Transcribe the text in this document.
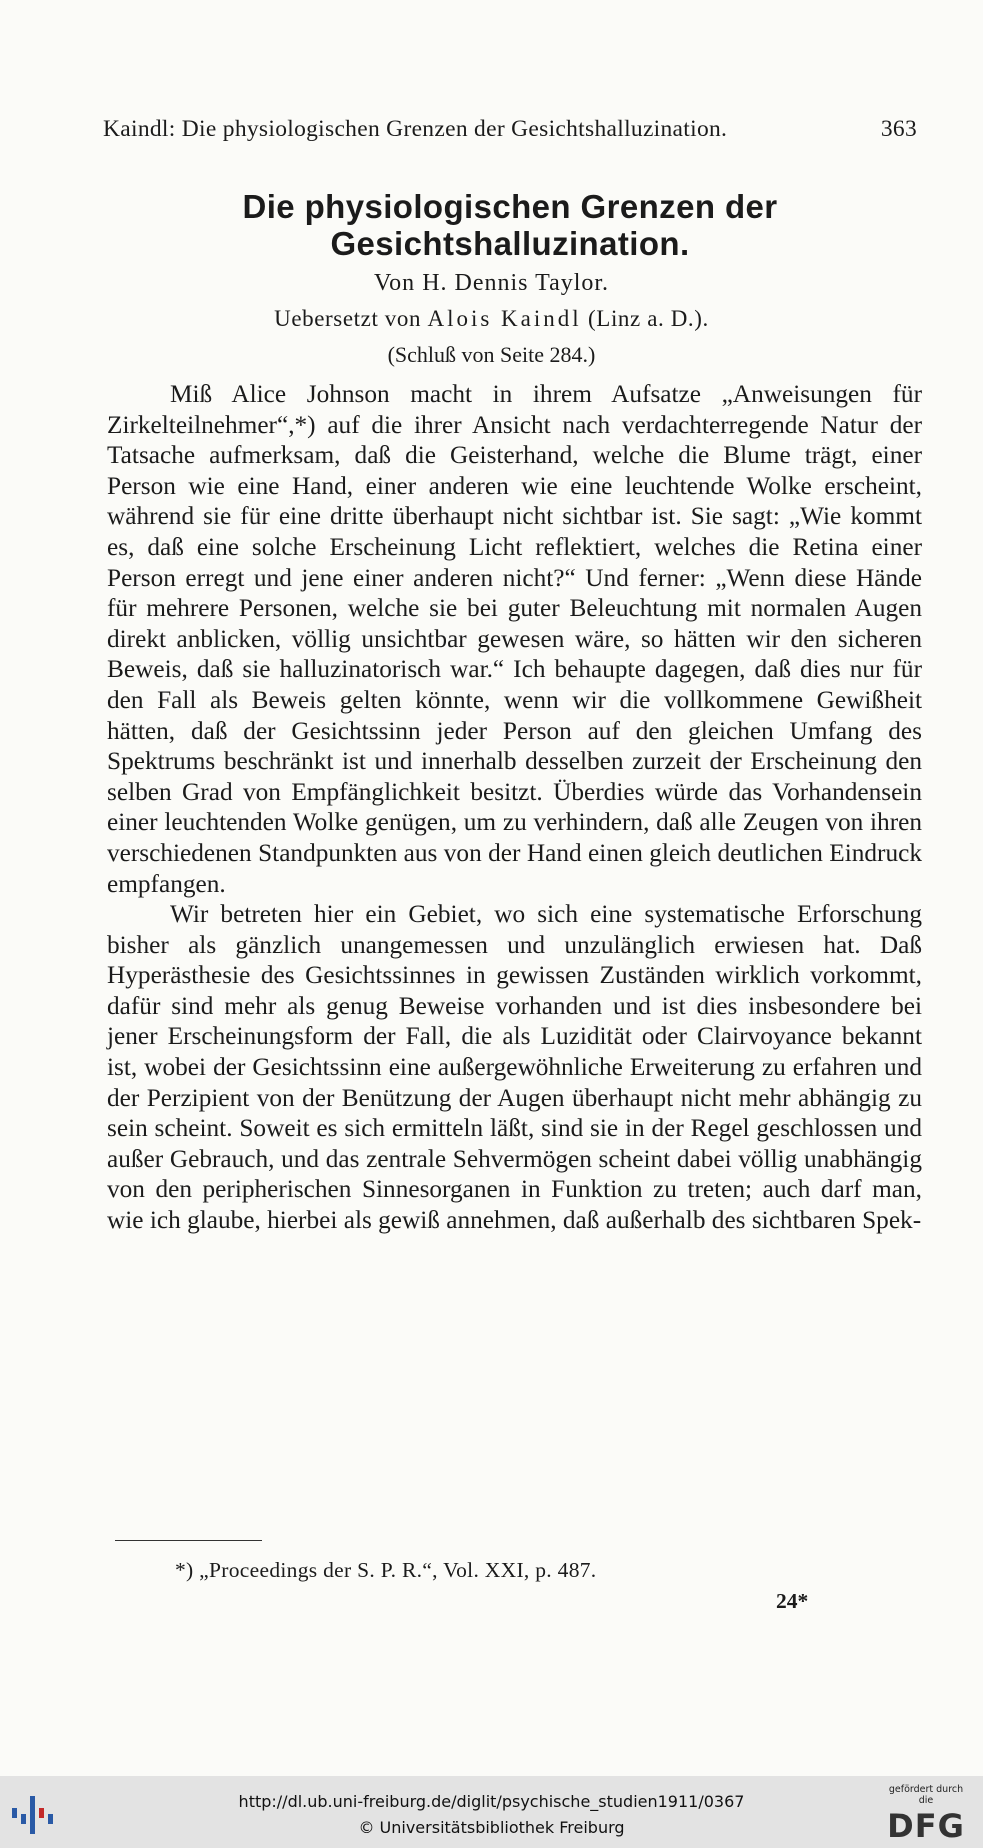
Kaindl: Die physiologischen Grenzen der Gesichtshalluzination.	363
Die physiologischen Grenzen der Gesichtshalluzination.
Von H. Dennis Taylor.
Uebersetzt von Alois Kaindl (Linz a. D.).
(Schluß von Seite 284.)

Miß Alice Johnson macht in ihrem Aufsatze „Anweisungen für Zirkelteilnehmer“,*) auf die ihrer Ansicht nach verdachterregende Natur der Tatsache aufmerksam, daß die Geisterhand, welche die Blume trägt, einer Person wie eine Hand, einer anderen wie eine leuchtende Wolke erscheint, während sie für eine dritte überhaupt nicht sichtbar ist. Sie sagt: „Wie kommt es, daß eine solche Erscheinung Licht reflektiert, welches die Retina einer Person erregt und jene einer anderen nicht?“ Und ferner: „Wenn diese Hände für mehrere Personen, welche sie bei guter Beleuchtung mit normalen Augen direkt anblicken, völlig unsichtbar gewesen wäre, so hätten wir den sicheren Beweis, daß sie halluzinatorisch war.“ Ich behaupte dagegen, daß dies nur für den Fall als Beweis gelten könnte, wenn wir die vollkommene Gewißheit hätten, daß der Gesichtssinn jeder Person auf den gleichen Umfang des Spektrums beschränkt ist und innerhalb desselben zurzeit der Erscheinung den selben Grad von Empfänglichkeit besitzt. Überdies würde das Vorhandensein einer leuchtenden Wolke genügen, um zu verhindern, daß alle Zeugen von ihren verschiedenen Standpunkten aus von der Hand einen gleich deutlichen Eindruck empfangen.

Wir betreten hier ein Gebiet, wo sich eine systematische Erforschung bisher als gänzlich unangemessen und unzulänglich erwiesen hat. Daß Hyperästhesie des Gesichtssinnes in gewissen Zuständen wirklich vorkommt, dafür sind mehr als genug Beweise vorhanden und ist dies insbesondere bei jener Erscheinungsform der Fall, die als Luzidität oder Clairvoyance bekannt ist, wobei der Gesichtssinn eine außergewöhnliche Erweiterung zu erfahren und der Perzipient von der Benützung der Augen überhaupt nicht mehr abhängig zu sein scheint. Soweit es sich ermitteln läßt, sind sie in der Regel geschlossen und außer Gebrauch, und das zentrale Sehvermögen scheint dabei völlig unabhängig von den peripherischen Sinnesorganen in Funktion zu treten; auch darf man, wie ich glaube, hierbei als gewiß annehmen, daß außerhalb des sichtbaren Spek-

*) „Proceedings der S. P. R.“, Vol. XXI, p. 487.
24*
http://dl.ub.uni-freiburg.de/diglit/psychische_studien1911/0367
© Universitätsbibliothek Freiburg
gefördert durch die
DFG
